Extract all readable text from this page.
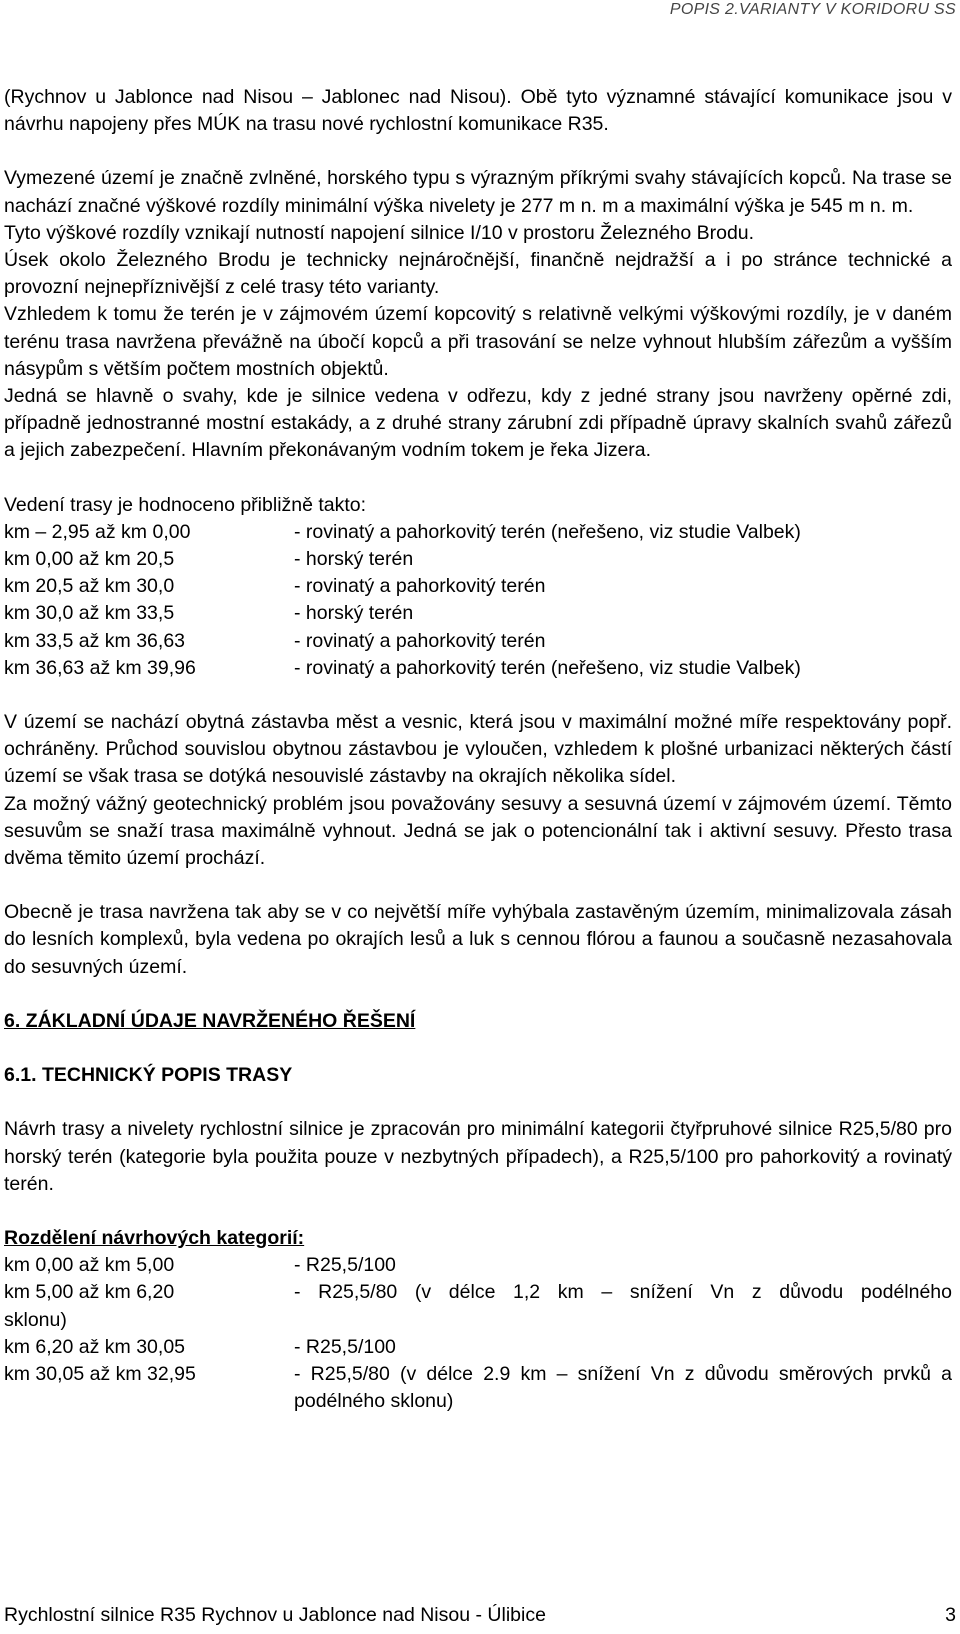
POPIS 2.VARIANTY V KORIDORU SS

(Rychnov u Jablonce nad Nisou – Jablonec nad Nisou). Obě tyto významné stávající komunikace jsou v návrhu napojeny přes MÚK na trasu nové rychlostní komunikace R35.

Vymezené území je značně zvlněné, horského typu s výrazným příkrými svahy stávajících kopců. Na trase se nachází značné výškové rozdíly minimální výška nivelety je 277 m n. m a maximální výška je 545 m n. m.

Tyto výškové rozdíly vznikají nutností napojení silnice I/10 v prostoru Železného Brodu.

Úsek okolo Železného Brodu je technicky nejnáročnější, finančně nejdražší a i po stránce technické a provozní nejnepříznivější z celé trasy této varianty.

Vzhledem k tomu že terén je v zájmovém území kopcovitý s relativně velkými výškovými rozdíly, je v daném terénu trasa navržena převážně na úbočí kopců a při trasování se nelze vyhnout hlubším zářezům a vyšším násypům s větším počtem mostních objektů.

Jedná se hlavně o svahy, kde je silnice vedena v odřezu, kdy z jedné strany jsou navrženy opěrné zdi, případně jednostranné mostní estakády, a z druhé strany zárubní zdi případně úpravy skalních svahů zářezů a jejich zabezpečení. Hlavním překonávaným vodním tokem je řeka Jizera.

Vedení trasy je hodnoceno přibližně takto:

km – 2,95 až km 0,00	- rovinatý a pahorkovitý terén (neřešeno, viz studie Valbek)
km 0,00 až km 20,5	- horský terén
km 20,5 až km 30,0	- rovinatý a pahorkovitý terén
km 30,0 až km 33,5	- horský terén
km 33,5 až km 36,63	- rovinatý a pahorkovitý terén
km 36,63 až km 39,96	- rovinatý a pahorkovitý terén (neřešeno, viz studie Valbek)

V území se nachází obytná zástavba měst a vesnic, která jsou v maximální možné míře respektovány popř. ochráněny. Průchod souvislou obytnou zástavbou je vyloučen, vzhledem k plošné urbanizaci některých částí území se však trasa se dotýká nesouvislé zástavby na okrajích několika sídel.

Za možný vážný geotechnický problém jsou považovány sesuvy a sesuvná území v zájmovém území. Těmto sesuvům se snaží trasa maximálně vyhnout. Jedná se jak o potencionální tak i aktivní sesuvy. Přesto trasa dvěma těmito území prochází.

Obecně je trasa navržena tak aby se v co největší míře vyhýbala zastavěným územím, minimalizovala zásah do lesních komplexů, byla vedena po okrajích lesů a luk s cennou flórou a faunou a současně nezasahovala do sesuvných území.

6. ZÁKLADNÍ ÚDAJE NAVRŽENÉHO ŘEŠENÍ

6.1. TECHNICKÝ POPIS TRASY

Návrh trasy a nivelety rychlostní silnice je zpracován pro minimální kategorii čtyřpruhové silnice R25,5/80 pro horský terén (kategorie byla použita pouze v nezbytných případech), a R25,5/100 pro pahorkovitý a rovinatý terén.

Rozdělení návrhových kategorií:

km 0,00 až km 5,00	- R25,5/100
km 5,00 až km 6,20	- R25,5/80 (v délce 1,2 km – snížení Vn z důvodu podélného
sklonu)
km 6,20 až km 30,05	- R25,5/100
km 30,05 až km 32,95	- R25,5/80 (v délce 2.9 km – snížení Vn z důvodu směrových prvků a podélného sklonu)
Rychlostní silnice R35 Rychnov u Jablonce nad Nisou - Úlibice	3
